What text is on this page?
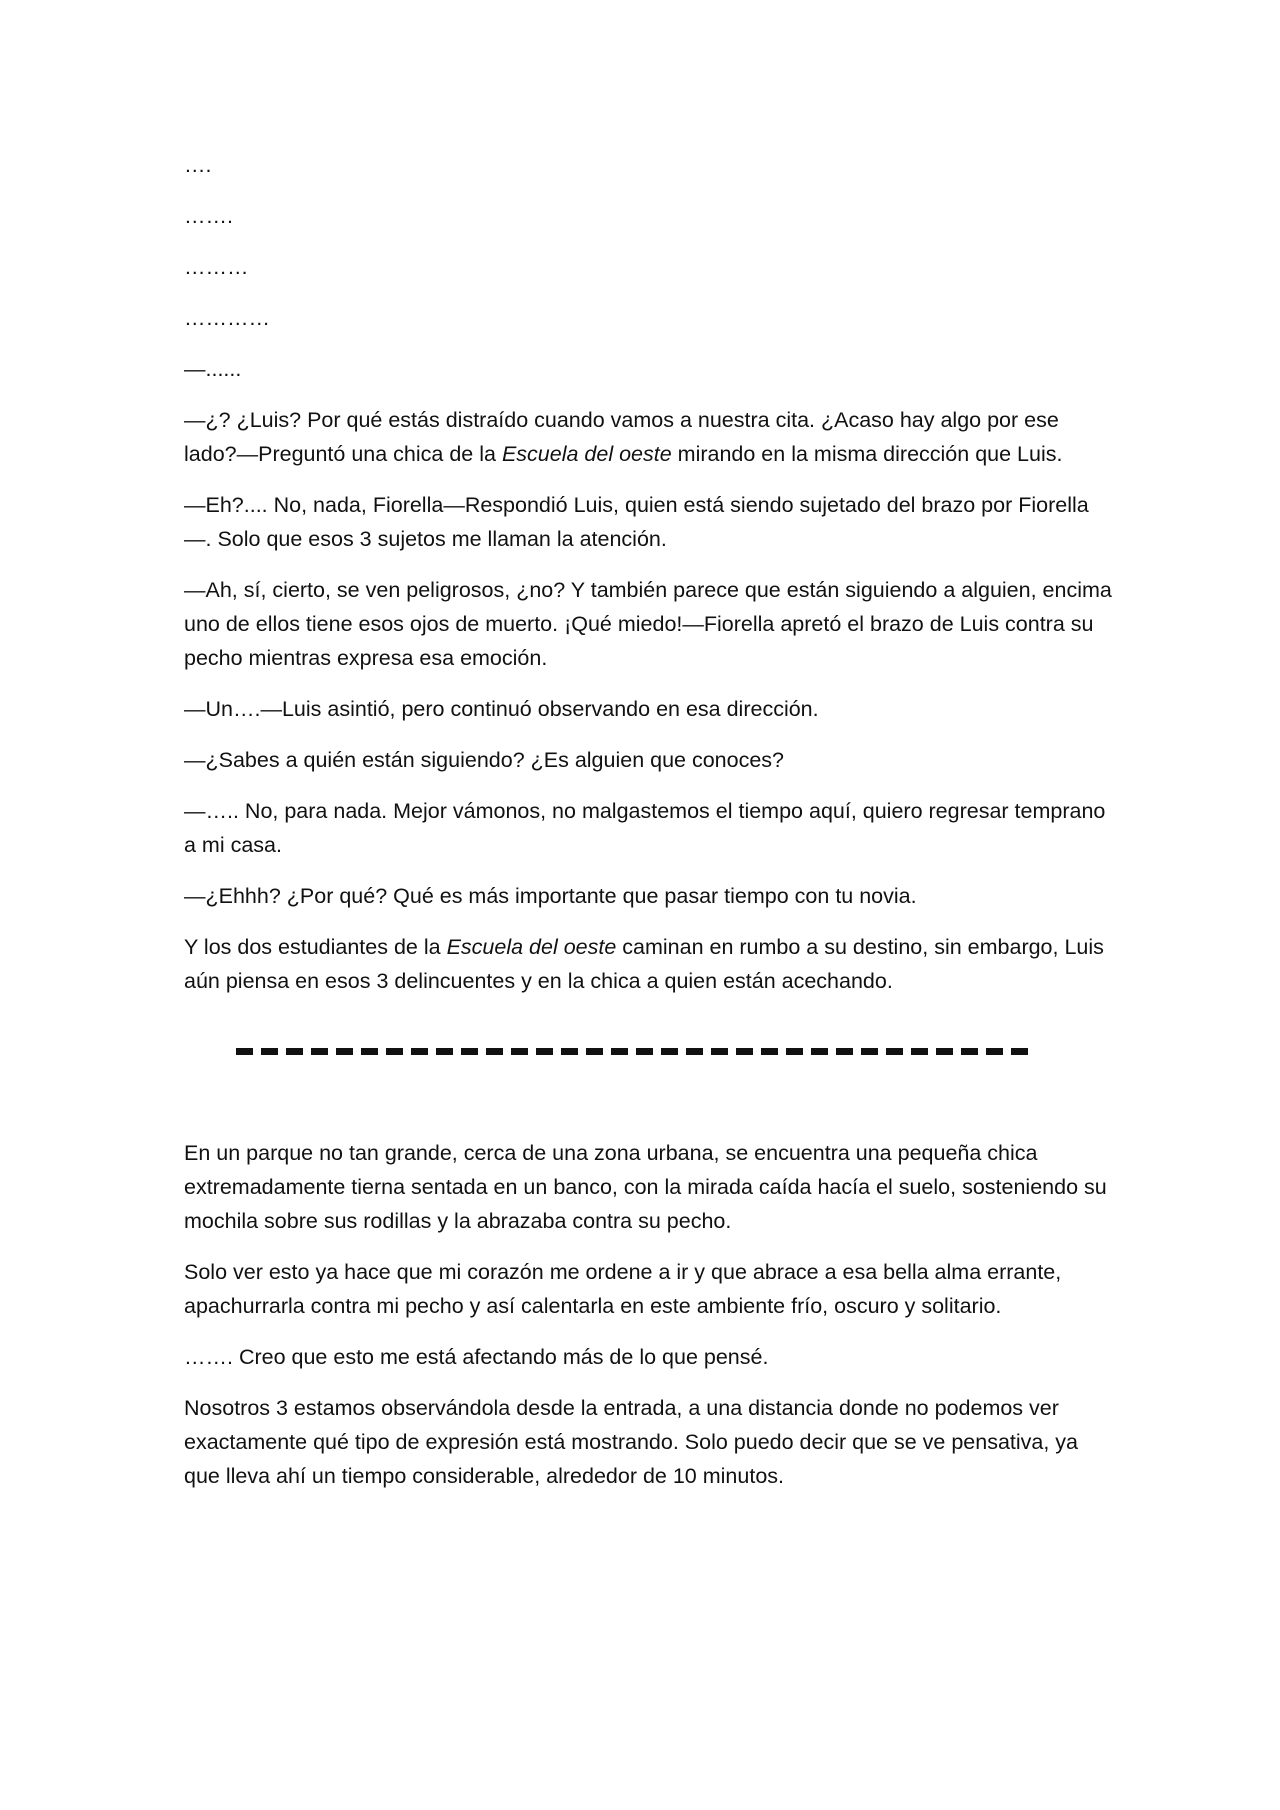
….

…….

………

…………

—......

—¿? ¿Luis? Por qué estás distraído cuando vamos a nuestra cita. ¿Acaso hay algo por ese lado?—Preguntó una chica de la Escuela del oeste mirando en la misma dirección que Luis.

—Eh?.... No, nada, Fiorella—Respondió Luis, quien está siendo sujetado del brazo por Fiorella—. Solo que esos 3 sujetos me llaman la atención.

—Ah, sí, cierto, se ven peligrosos, ¿no? Y también parece que están siguiendo a alguien, encima uno de ellos tiene esos ojos de muerto. ¡Qué miedo!—Fiorella apretó el brazo de Luis contra su pecho mientras expresa esa emoción.

—Un….—Luis asintió, pero continuó observando en esa dirección.

—¿Sabes a quién están siguiendo? ¿Es alguien que conoces?

—….. No, para nada. Mejor vámonos, no malgastemos el tiempo aquí, quiero regresar temprano a mi casa.

—¿Ehhh? ¿Por qué? Qué es más importante que pasar tiempo con tu novia.

Y los dos estudiantes de la Escuela del oeste caminan en rumbo a su destino, sin embargo, Luis aún piensa en esos 3 delincuentes y en la chica a quien están acechando.

En un parque no tan grande, cerca de una zona urbana, se encuentra una pequeña chica extremadamente tierna sentada en un banco, con la mirada caída hacía el suelo, sosteniendo su mochila sobre sus rodillas y la abrazaba contra su pecho.

Solo ver esto ya hace que mi corazón me ordene a ir y que abrace a esa bella alma errante, apachurrarla contra mi pecho y así calentarla en este ambiente frío, oscuro y solitario.

……. Creo que esto me está afectando más de lo que pensé.

Nosotros 3 estamos observándola desde la entrada, a una distancia donde no podemos ver exactamente qué tipo de expresión está mostrando. Solo puedo decir que se ve pensativa, ya que lleva ahí un tiempo considerable, alrededor de 10 minutos.
